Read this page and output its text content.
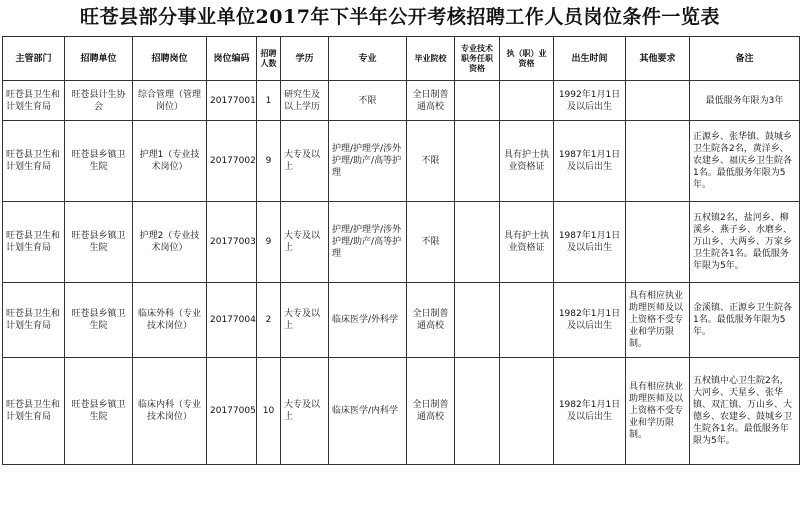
旺苍县部分事业单位2017年下半年公开考核招聘工作人员岗位条件一览表
主管部门	招聘单位	招聘岗位	岗位编码	招聘人数	学历	专业	毕业院校	专业技术职务任职资格	执（职）业资格	出生时间	其他要求	备注
旺苍县卫生和计划生育局	旺苍县计生协会	综合管理（管理岗位）	20177001	1	研究生及以上学历	不限	全日制普通高校			1992年1月1日及以后出生		最低服务年限为3年
旺苍县卫生和计划生育局	旺苍县乡镇卫生院	护理1（专业技术岗位）	20177002	9	大专及以上	护理/护理学/涉外护理/助产/高等护理	不限		具有护士执业资格证	1987年1月1日及以后出生		正源乡、张华镇、鼓城乡卫生院各2名，黄洋乡、农建乡、福庆乡卫生院各1名。最低服务年限为5年。
旺苍县卫生和计划生育局	旺苍县乡镇卫生院	护理2（专业技术岗位）	20177003	9	大专及以上	护理/护理学/涉外护理/助产/高等护理	不限		具有护士执业资格证	1987年1月1日及以后出生		五权镇2名，盐河乡、柳溪乡、燕子乡、水磨乡、万山乡、大两乡、万家乡卫生院各1名。最低服务年限为5年。
旺苍县卫生和计划生育局	旺苍县乡镇卫生院	临床外科（专业技术岗位）	20177004	2	大专及以上	临床医学/外科学	全日制普通高校			1982年1月1日及以后出生	具有相应执业助理医师及以上资格不受专业和学历限制。	金溪镇、正源乡卫生院各1名。最低服务年限为5年。
旺苍县卫生和计划生育局	旺苍县乡镇卫生院	临床内科（专业技术岗位）	20177005	10	大专及以上	临床医学/内科学	全日制普通高校			1982年1月1日及以后出生	具有相应执业助理医师及以上资格不受专业和学历限制。	五权镇中心卫生院2名，大河乡、天星乡、张华镇、双汇镇、万山乡、大德乡、农建乡、鼓城乡卫生院各1名。最低服务年限为5年。
